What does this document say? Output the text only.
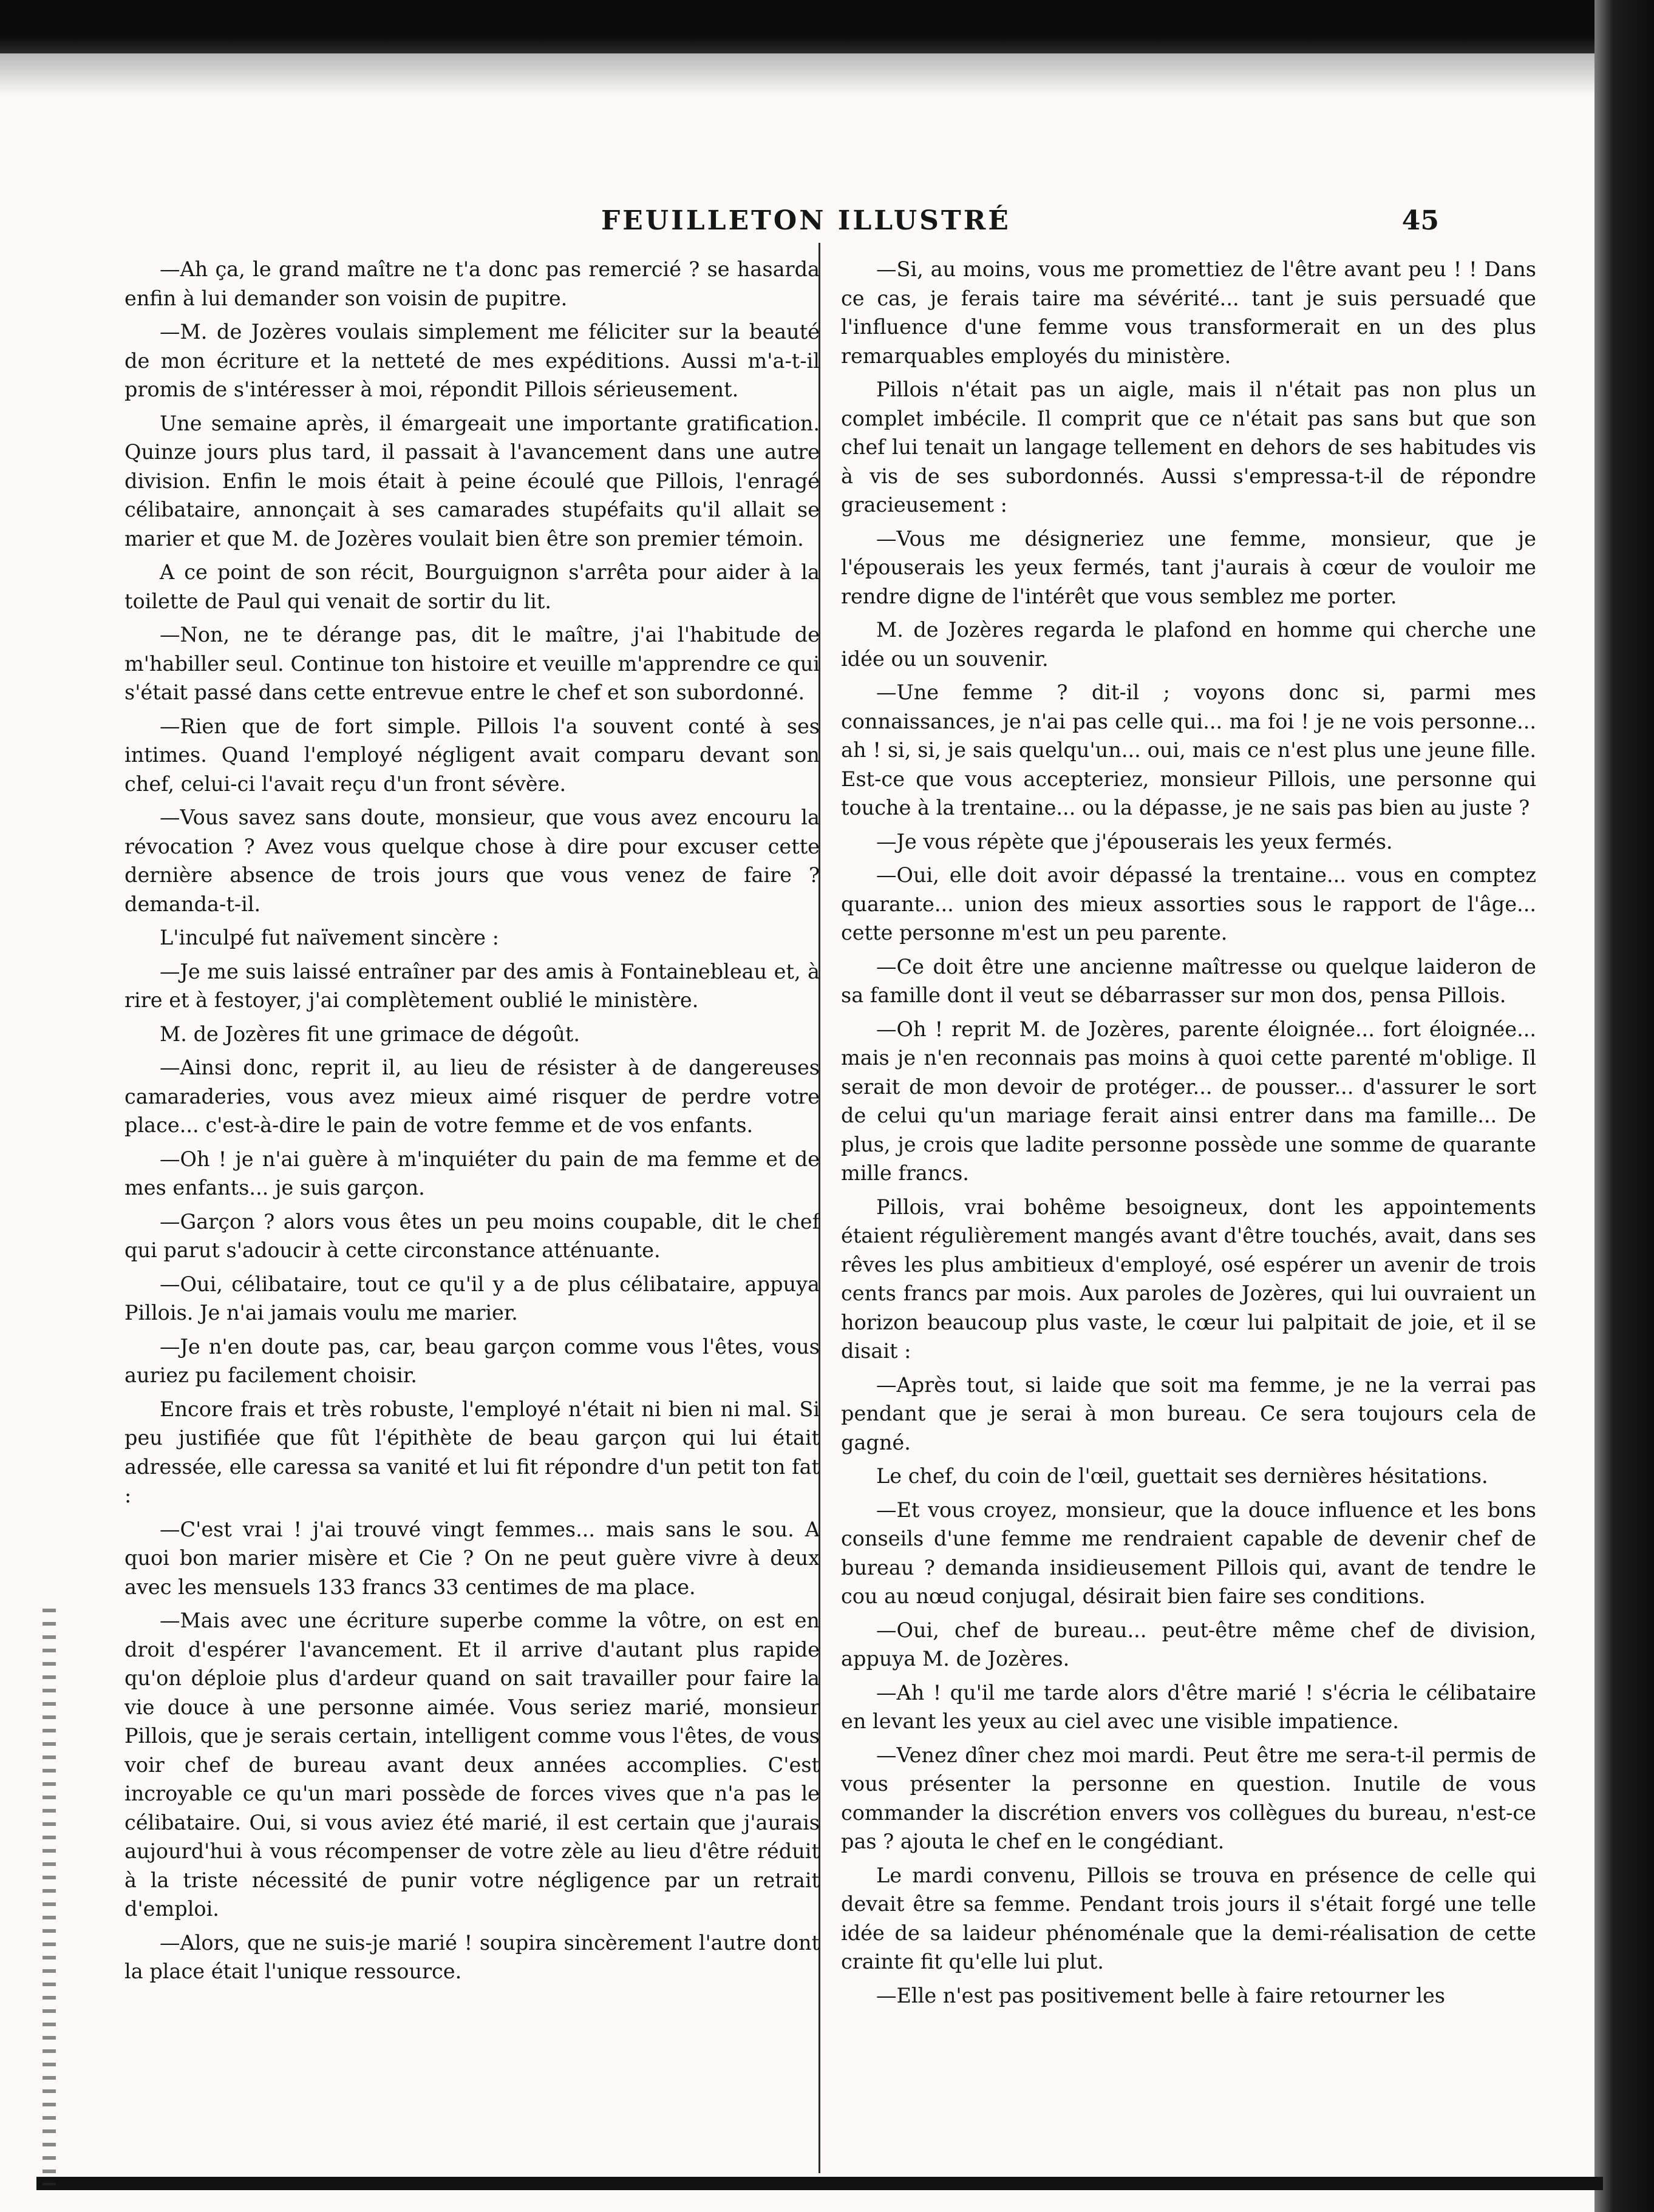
FEUILLETON ILLUSTRÉ	45

—Ah ça, le grand maître ne t'a donc pas remercié ? se hasarda enfin à lui demander son voisin de pupitre.

—M. de Jozères voulais simplement me féliciter sur la beauté de mon écriture et la netteté de mes expéditions. Aussi m'a-t-il promis de s'intéresser à moi, répondit Pillois sérieusement.

Une semaine après, il émargeait une importante gratification. Quinze jours plus tard, il passait à l'avancement dans une autre division. Enfin le mois était à peine écoulé que Pillois, l'enragé célibataire, annonçait à ses camarades stupéfaits qu'il allait se marier et que M. de Jozères voulait bien être son premier témoin.

A ce point de son récit, Bourguignon s'arrêta pour aider à la toilette de Paul qui venait de sortir du lit.

—Non, ne te dérange pas, dit le maître, j'ai l'habitude de m'habiller seul. Continue ton histoire et veuille m'apprendre ce qui s'était passé dans cette entrevue entre le chef et son subordonné.

—Rien que de fort simple. Pillois l'a souvent conté à ses intimes. Quand l'employé négligent avait comparu devant son chef, celui-ci l'avait reçu d'un front sévère.

—Vous savez sans doute, monsieur, que vous avez encouru la révocation ? Avez vous quelque chose à dire pour excuser cette dernière absence de trois jours que vous venez de faire ? demanda-t-il.

L'inculpé fut naïvement sincère :

—Je me suis laissé entraîner par des amis à Fontainebleau et, à rire et à festoyer, j'ai complètement oublié le ministère.

M. de Jozères fit une grimace de dégoût.

—Ainsi donc, reprit il, au lieu de résister à de dangereuses camaraderies, vous avez mieux aimé risquer de perdre votre place... c'est-à-dire le pain de votre femme et de vos enfants.

—Oh ! je n'ai guère à m'inquiéter du pain de ma femme et de mes enfants... je suis garçon.

—Garçon ? alors vous êtes un peu moins coupable, dit le chef qui parut s'adoucir à cette circonstance atténuante.

—Oui, célibataire, tout ce qu'il y a de plus célibataire, appuya Pillois. Je n'ai jamais voulu me marier.

—Je n'en doute pas, car, beau garçon comme vous l'êtes, vous auriez pu facilement choisir.

Encore frais et très robuste, l'employé n'était ni bien ni mal. Si peu justifiée que fût l'épithète de beau garçon qui lui était adressée, elle caressa sa vanité et lui fit répondre d'un petit ton fat :

—C'est vrai ! j'ai trouvé vingt femmes... mais sans le sou. A quoi bon marier misère et Cie ? On ne peut guère vivre à deux avec les mensuels 133 francs 33 centimes de ma place.

—Mais avec une écriture superbe comme la vôtre, on est en droit d'espérer l'avancement. Et il arrive d'autant plus rapide qu'on déploie plus d'ardeur quand on sait travailler pour faire la vie douce à une personne aimée. Vous seriez marié, monsieur Pillois, que je serais certain, intelligent comme vous l'êtes, de vous voir chef de bureau avant deux années accomplies. C'est incroyable ce qu'un mari possède de forces vives que n'a pas le célibataire. Oui, si vous aviez été marié, il est certain que j'aurais aujourd'hui à vous récompenser de votre zèle au lieu d'être réduit à la triste nécessité de punir votre négligence par un retrait d'emploi.

—Alors, que ne suis-je marié ! soupira sincèrement l'autre dont la place était l'unique ressource.

—Si, au moins, vous me promettiez de l'être avant peu ! ! Dans ce cas, je ferais taire ma sévérité... tant je suis persuadé que l'influence d'une femme vous transformerait en un des plus remarquables employés du ministère.

Pillois n'était pas un aigle, mais il n'était pas non plus un complet imbécile. Il comprit que ce n'était pas sans but que son chef lui tenait un langage tellement en dehors de ses habitudes vis à vis de ses subordonnés. Aussi s'empressa-t-il de répondre gracieusement :

—Vous me désigneriez une femme, monsieur, que je l'épouserais les yeux fermés, tant j'aurais à cœur de vouloir me rendre digne de l'intérêt que vous semblez me porter.

M. de Jozères regarda le plafond en homme qui cherche une idée ou un souvenir.

—Une femme ? dit-il ; voyons donc si, parmi mes connaissances, je n'ai pas celle qui... ma foi ! je ne vois personne... ah ! si, si, je sais quelqu'un... oui, mais ce n'est plus une jeune fille. Est-ce que vous accepteriez, monsieur Pillois, une personne qui touche à la trentaine... ou la dépasse, je ne sais pas bien au juste ?

—Je vous répète que j'épouserais les yeux fermés.

—Oui, elle doit avoir dépassé la trentaine... vous en comptez quarante... union des mieux assorties sous le rapport de l'âge... cette personne m'est un peu parente.

—Ce doit être une ancienne maîtresse ou quelque laideron de sa famille dont il veut se débarrasser sur mon dos, pensa Pillois.

—Oh ! reprit M. de Jozères, parente éloignée... fort éloignée... mais je n'en reconnais pas moins à quoi cette parenté m'oblige. Il serait de mon devoir de protéger... de pousser... d'assurer le sort de celui qu'un mariage ferait ainsi entrer dans ma famille... De plus, je crois que ladite personne possède une somme de quarante mille francs.

Pillois, vrai bohême besoigneux, dont les appointements étaient régulièrement mangés avant d'être touchés, avait, dans ses rêves les plus ambitieux d'employé, osé espérer un avenir de trois cents francs par mois. Aux paroles de Jozères, qui lui ouvraient un horizon beaucoup plus vaste, le cœur lui palpitait de joie, et il se disait :

—Après tout, si laide que soit ma femme, je ne la verrai pas pendant que je serai à mon bureau. Ce sera toujours cela de gagné.

Le chef, du coin de l'œil, guettait ses dernières hésitations.

—Et vous croyez, monsieur, que la douce influence et les bons conseils d'une femme me rendraient capable de devenir chef de bureau ? demanda insidieusement Pillois qui, avant de tendre le cou au nœud conjugal, désirait bien faire ses conditions.

—Oui, chef de bureau... peut-être même chef de division, appuya M. de Jozères.

—Ah ! qu'il me tarde alors d'être marié ! s'écria le célibataire en levant les yeux au ciel avec une visible impatience.

—Venez dîner chez moi mardi. Peut être me sera-t-il permis de vous présenter la personne en question. Inutile de vous commander la discrétion envers vos collègues du bureau, n'est-ce pas ? ajouta le chef en le congédiant.

Le mardi convenu, Pillois se trouva en présence de celle qui devait être sa femme. Pendant trois jours il s'était forgé une telle idée de sa laideur phénoménale que la demi-réalisation de cette crainte fit qu'elle lui plut.

—Elle n'est pas positivement belle à faire retourner les
